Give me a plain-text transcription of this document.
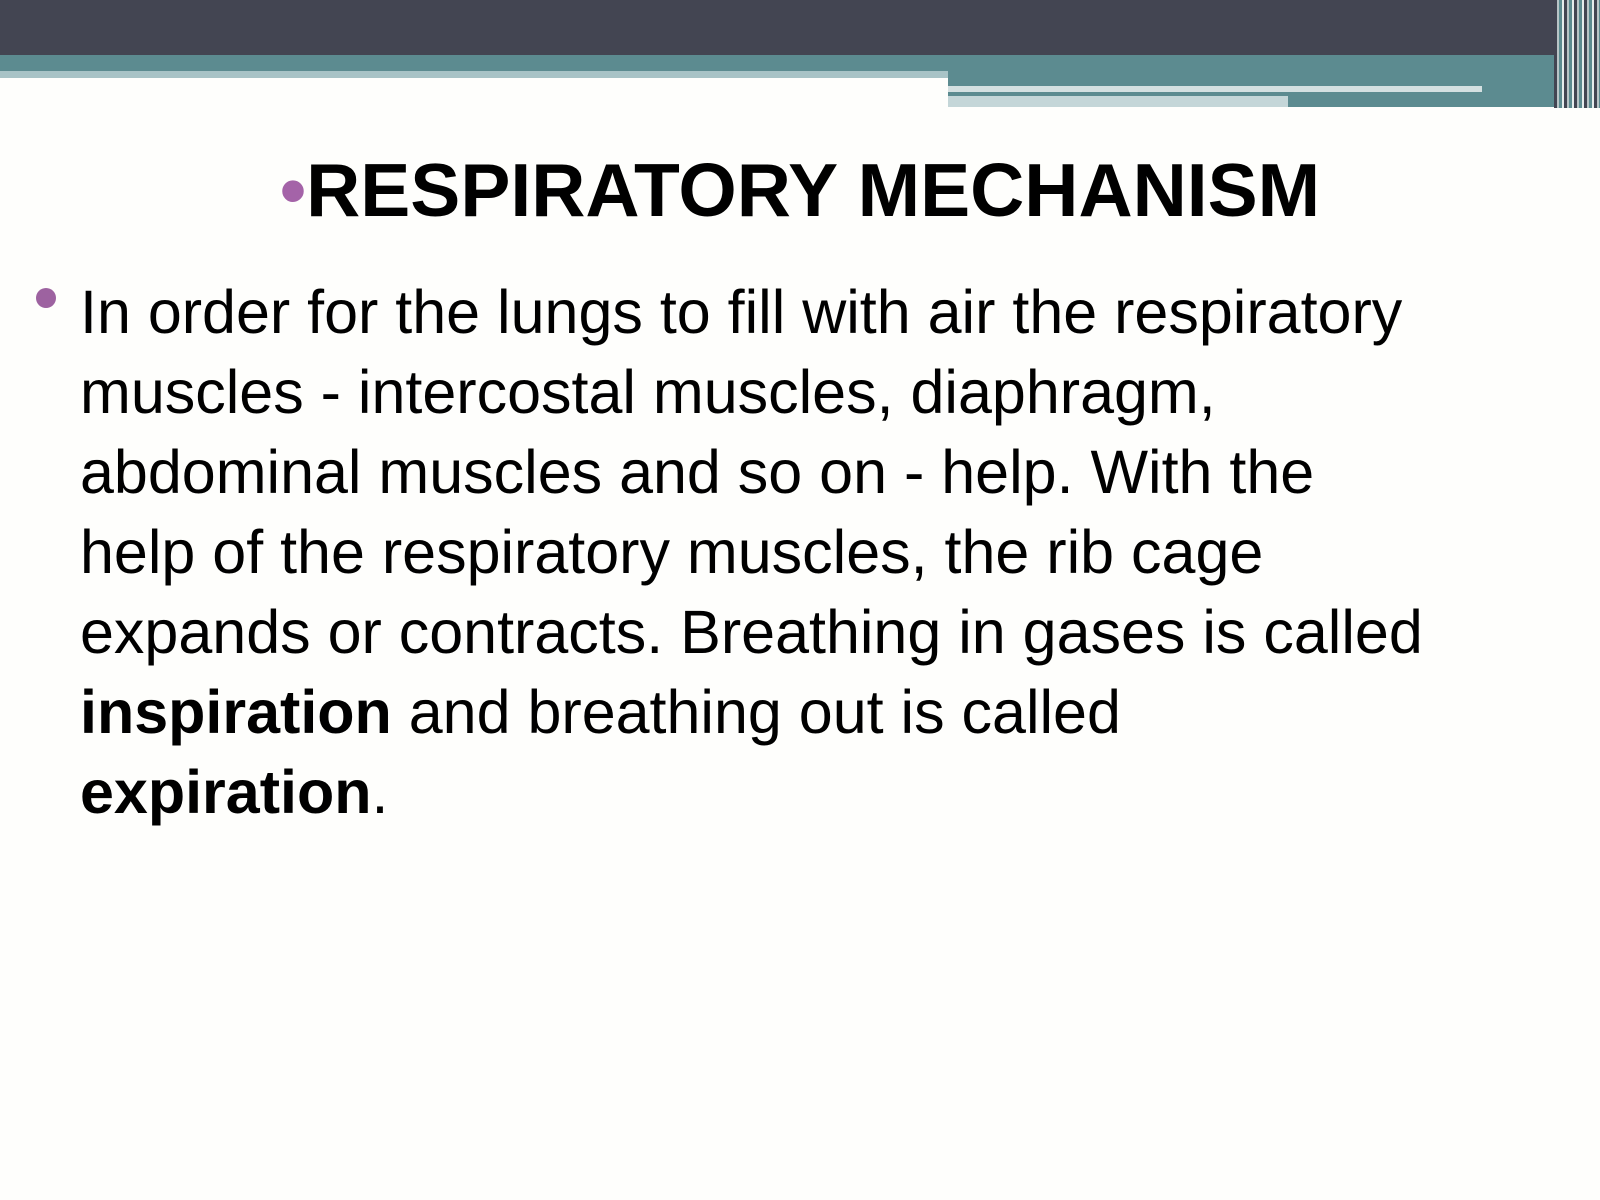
•RESPIRATORY MECHANISM

In order for the lungs to fill with air the respiratory
muscles - intercostal muscles, diaphragm,
abdominal muscles and so on - help. With the
help of the respiratory muscles, the rib cage
expands or contracts. Breathing in gases is called
inspiration and breathing out is called
expiration.
